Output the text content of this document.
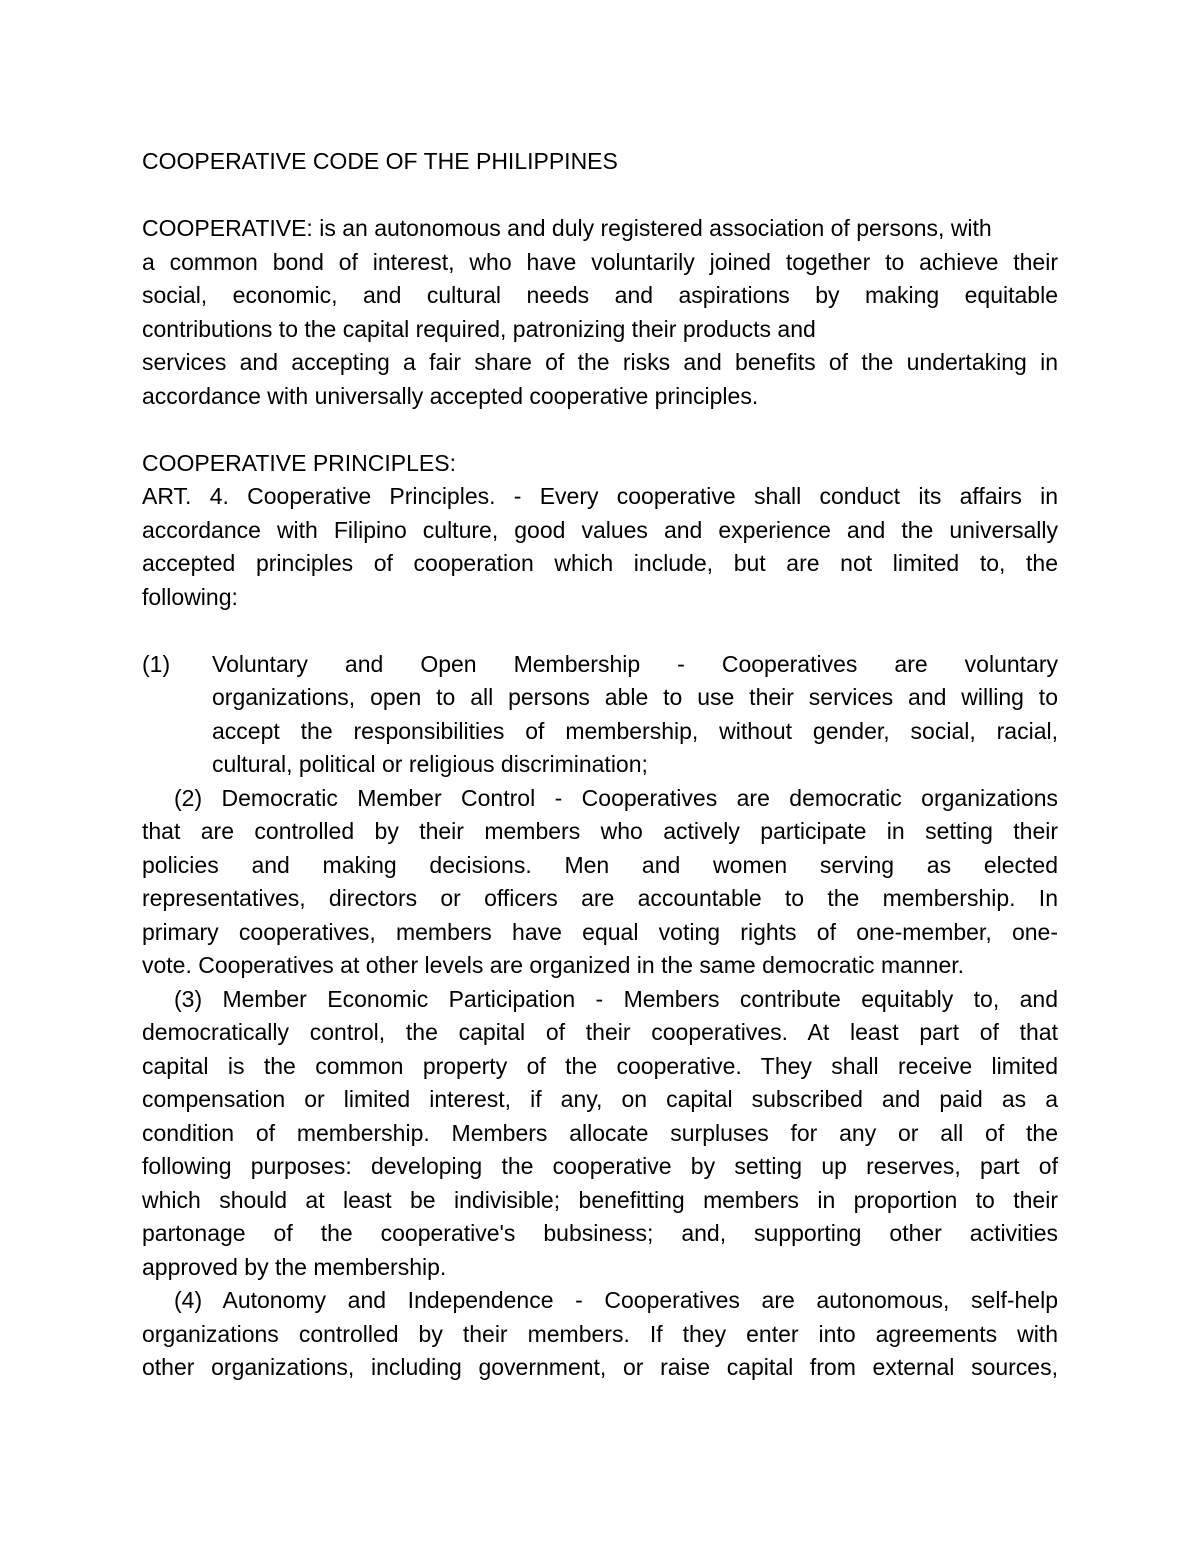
COOPERATIVE CODE OF THE PHILIPPINES
COOPERATIVE: is an autonomous and duly registered association of persons, with
a common bond of interest, who have voluntarily joined together to achieve their
social, economic, and cultural needs and aspirations by making equitable
contributions to the capital required, patronizing their products and
services and accepting a fair share of the risks and benefits of the undertaking in
accordance with universally accepted cooperative principles.
COOPERATIVE PRINCIPLES:
ART. 4. Cooperative Principles. - Every cooperative shall conduct its affairs in
accordance with Filipino culture, good values and experience and the universally
accepted principles of cooperation which include, but are not limited to, the
following:
(1) Voluntary and Open Membership - Cooperatives are voluntary
organizations, open to all persons able to use their services and willing to
accept the responsibilities of membership, without gender, social, racial,
cultural, political or religious discrimination;
(2) Democratic Member Control - Cooperatives are democratic organizations
that are controlled by their members who actively participate in setting their
policies and making decisions. Men and women serving as elected
representatives, directors or officers are accountable to the membership. In
primary cooperatives, members have equal voting rights of one-member, one-
vote. Cooperatives at other levels are organized in the same democratic manner.
(3) Member Economic Participation - Members contribute equitably to, and
democratically control, the capital of their cooperatives. At least part of that
capital is the common property of the cooperative. They shall receive limited
compensation or limited interest, if any, on capital subscribed and paid as a
condition of membership. Members allocate surpluses for any or all of the
following purposes: developing the cooperative by setting up reserves, part of
which should at least be indivisible; benefitting members in proportion to their
partonage of the cooperative's bubsiness; and, supporting other activities
approved by the membership.
(4) Autonomy and Independence - Cooperatives are autonomous, self-help
organizations controlled by their members. If they enter into agreements with
other organizations, including government, or raise capital from external sources,
